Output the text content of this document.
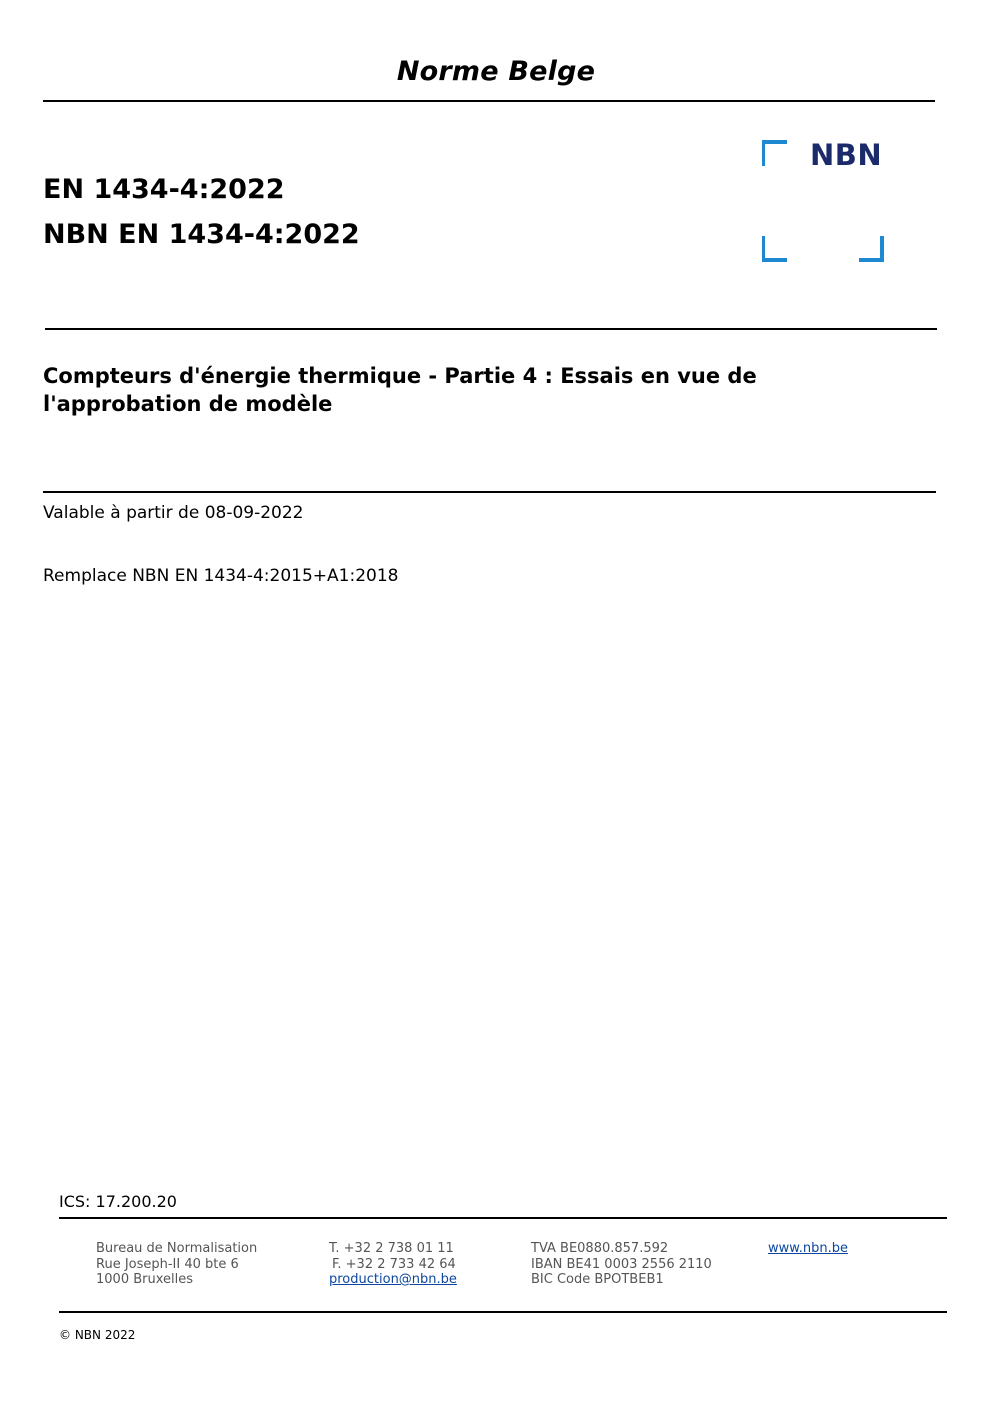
Norme Belge
EN 1434-4:2022
NBN EN 1434-4:2022
NBN
Compteurs d'énergie thermique - Partie 4 : Essais en vue de
l'approbation de modèle
Valable à partir de 08-09-2022
Remplace NBN EN 1434-4:2015+A1:2018
ICS: 17.200.20
Bureau de Normalisation
Rue Joseph-II 40 bte 6
1000 Bruxelles
T. +32 2 738 01 11
F. +32 2 733 42 64
production@nbn.be
TVA BE0880.857.592
IBAN BE41 0003 2556 2110
BIC Code BPOTBEB1
www.nbn.be
© NBN 2022
